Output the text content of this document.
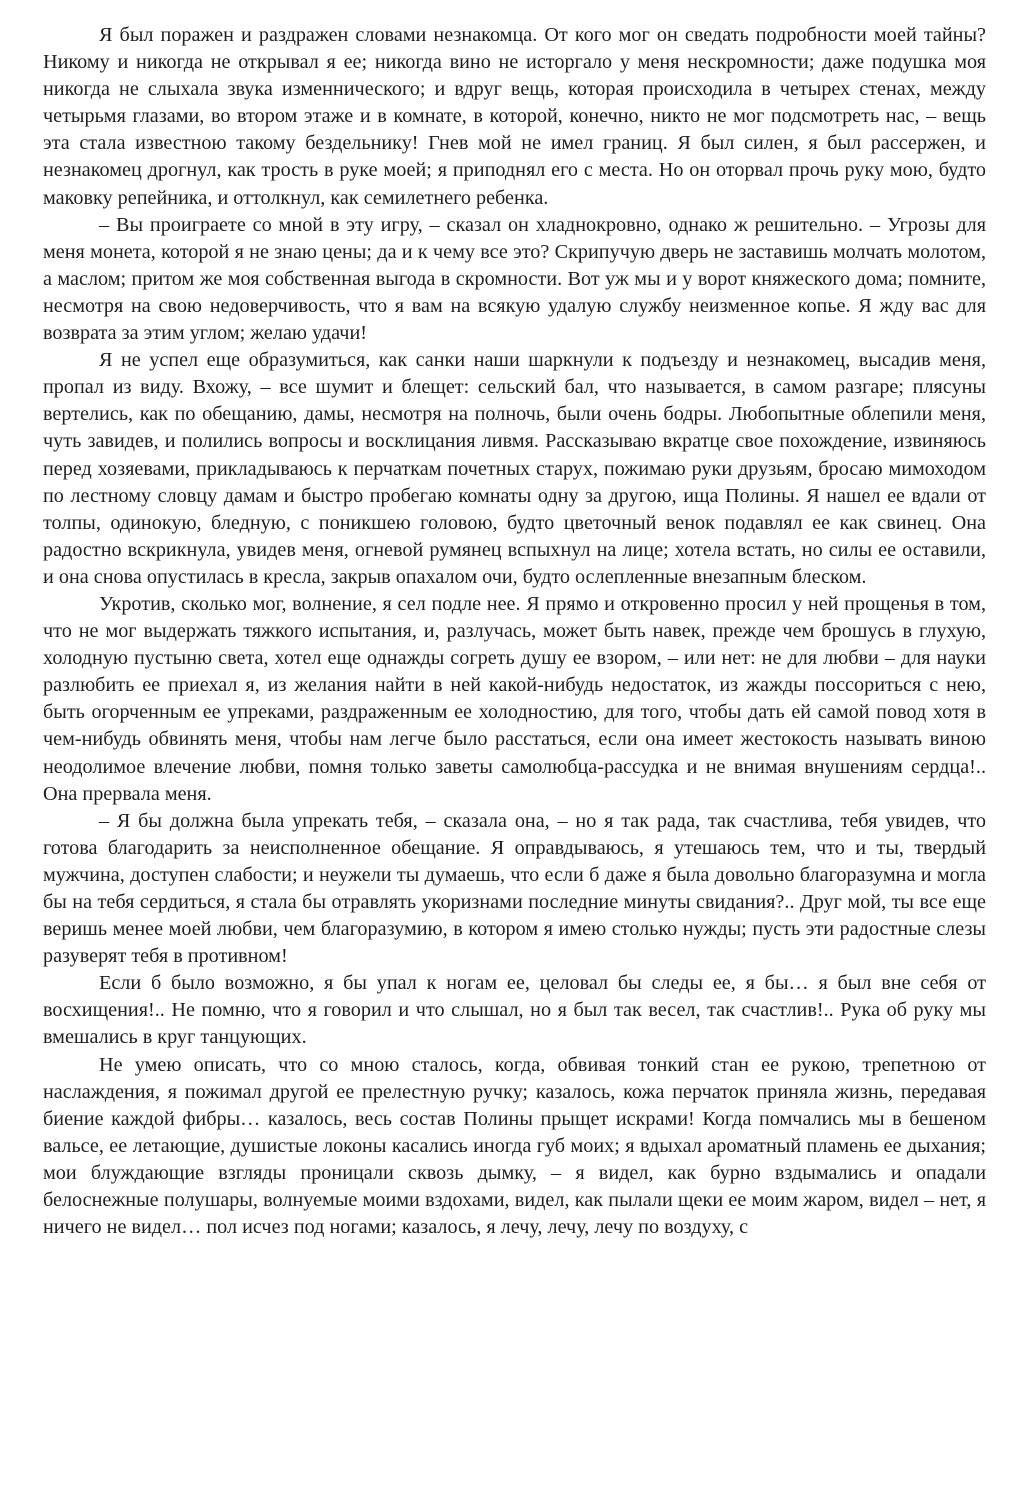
Я был поражен и раздражен словами незнакомца. От кого мог он сведать подробности моей тайны? Никому и никогда не открывал я ее; никогда вино не исторгало у меня нескромности; даже подушка моя никогда не слыхала звука изменнического; и вдруг вещь, которая происходила в четырех стенах, между четырьмя глазами, во втором этаже и в комнате, в которой, конечно, никто не мог подсмотреть нас, – вещь эта стала известною такому бездельнику! Гнев мой не имел границ. Я был силен, я был рассержен, и незнакомец дрогнул, как трость в руке моей; я приподнял его с места. Но он оторвал прочь руку мою, будто маковку репейника, и оттолкнул, как семилетнего ребенка.

– Вы проиграете со мной в эту игру, – сказал он хладнокровно, однако ж решительно. – Угрозы для меня монета, которой я не знаю цены; да и к чему все это? Скрипучую дверь не заставишь молчать молотом, а маслом; притом же моя собственная выгода в скромности. Вот уж мы и у ворот княжеского дома; помните, несмотря на свою недоверчивость, что я вам на всякую удалую службу неизменное копье. Я жду вас для возврата за этим углом; желаю удачи!

Я не успел еще образумиться, как санки наши шаркнули к подъезду и незнакомец, высадив меня, пропал из виду. Вхожу, – все шумит и блещет: сельский бал, что называется, в самом разгаре; плясуны вертелись, как по обещанию, дамы, несмотря на полночь, были очень бодры. Любопытные облепили меня, чуть завидев, и полились вопросы и восклицания ливмя. Рассказываю вкратце свое похождение, извиняюсь перед хозяевами, прикладываюсь к перчаткам почетных старух, пожимаю руки друзьям, бросаю мимоходом по лестному словцу дамам и быстро пробегаю комнаты одну за другою, ища Полины. Я нашел ее вдали от толпы, одинокую, бледную, с поникшею головою, будто цветочный венок подавлял ее как свинец. Она радостно вскрикнула, увидев меня, огневой румянец вспыхнул на лице; хотела встать, но силы ее оставили, и она снова опустилась в кресла, закрыв опахалом очи, будто ослепленные внезапным блеском.

Укротив, сколько мог, волнение, я сел подле нее. Я прямо и откровенно просил у ней прощенья в том, что не мог выдержать тяжкого испытания, и, разлучась, может быть навек, прежде чем брошусь в глухую, холодную пустыню света, хотел еще однажды согреть душу ее взором, – или нет: не для любви – для науки разлюбить ее приехал я, из желания найти в ней какой-нибудь недостаток, из жажды поссориться с нею, быть огорченным ее упреками, раздраженным ее холодностию, для того, чтобы дать ей самой повод хотя в чем-нибудь обвинять меня, чтобы нам легче было расстаться, если она имеет жестокость называть виною неодолимое влечение любви, помня только заветы самолюбца-рассудка и не внимая внушениям сердца!.. Она прервала меня.

– Я бы должна была упрекать тебя, – сказала она, – но я так рада, так счастлива, тебя увидев, что готова благодарить за неисполненное обещание. Я оправдываюсь, я утешаюсь тем, что и ты, твердый мужчина, доступен слабости; и неужели ты думаешь, что если б даже я была довольно благоразумна и могла бы на тебя сердиться, я стала бы отравлять укоризнами последние минуты свидания?.. Друг мой, ты все еще веришь менее моей любви, чем благоразумию, в котором я имею столько нужды; пусть эти радостные слезы разуверят тебя в противном!

Если б было возможно, я бы упал к ногам ее, целовал бы следы ее, я бы… я был вне себя от восхищения!.. Не помню, что я говорил и что слышал, но я был так весел, так счастлив!.. Рука об руку мы вмешались в круг танцующих.

Не умею описать, что со мною сталось, когда, обвивая тонкий стан ее рукою, трепетною от наслаждения, я пожимал другой ее прелестную ручку; казалось, кожа перчаток приняла жизнь, передавая биение каждой фибры… казалось, весь состав Полины прыщет искрами! Когда помчались мы в бешеном вальсе, ее летающие, душистые локоны касались иногда губ моих; я вдыхал ароматный пламень ее дыхания; мои блуждающие взгляды проницали сквозь дымку, – я видел, как бурно вздымались и опадали белоснежные полушары, волнуемые моими вздохами, видел, как пылали щеки ее моим жаром, видел – нет, я ничего не видел… пол исчез под ногами; казалось, я лечу, лечу, лечу по воздуху, с
